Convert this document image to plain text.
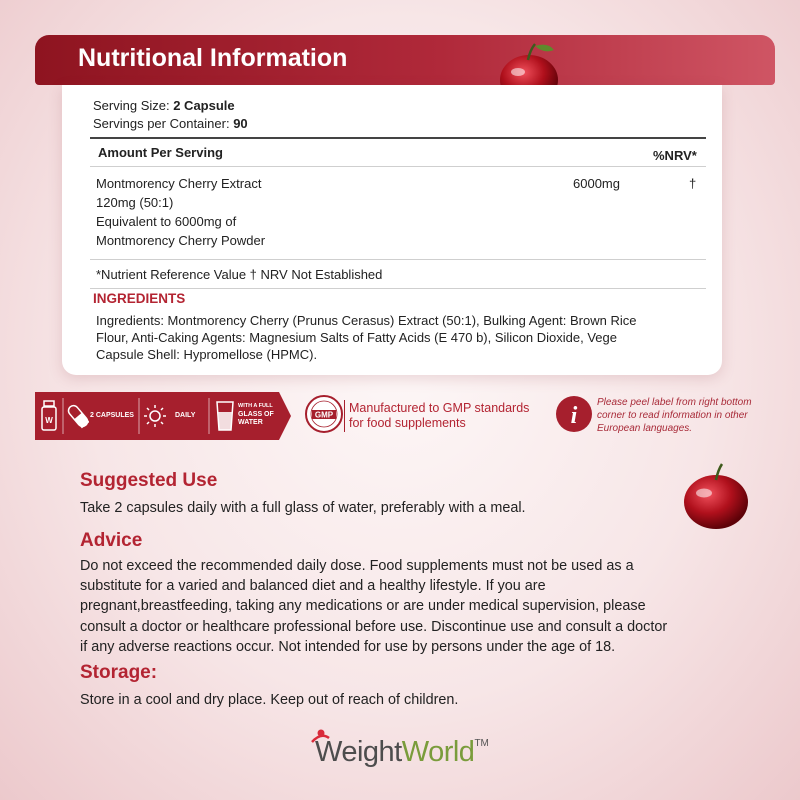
Nutritional Information
Serving Size: 2 Capsule
Servings per Container: 90
Amount Per Serving	%NRV*
Montmorency Cherry Extract
120mg (50:1)
Equivalent to 6000mg of
Montmorency Cherry Powder
6000mg	†
*Nutrient Reference Value † NRV Not Established
INGREDIENTS
Ingredients: Montmorency Cherry (Prunus Cerasus) Extract (50:1), Bulking Agent: Brown Rice
Flour, Anti-Caking Agents: Magnesium Salts of Fatty Acids (E 470 b), Silicon Dioxide, Vege
Capsule Shell: Hypromellose (HPMC).
W
2 CAPSULES	DAILY
WITH A FULL
GLASS OF
WATER
GMP Manufactured to GMP standards
for food supplements	i
Please peel label from right bottom
corner to read information in other
European languages.
Suggested Use
Take 2 capsules daily with a full glass of water, preferably with a meal.
Advice
Do not exceed the recommended daily dose. Food supplements must not be used as a
substitute for a varied and balanced diet and a healthy lifestyle. If you are
pregnant,breastfeeding, taking any medications or are under medical supervision, please
consult a doctor or healthcare professional before use. Discontinue use and consult a doctor
if any adverse reactions occur. Not intended for use by persons under the age of 18.
Storage:
Store in a cool and dry place. Keep out of reach of children.
WeightWorld™
